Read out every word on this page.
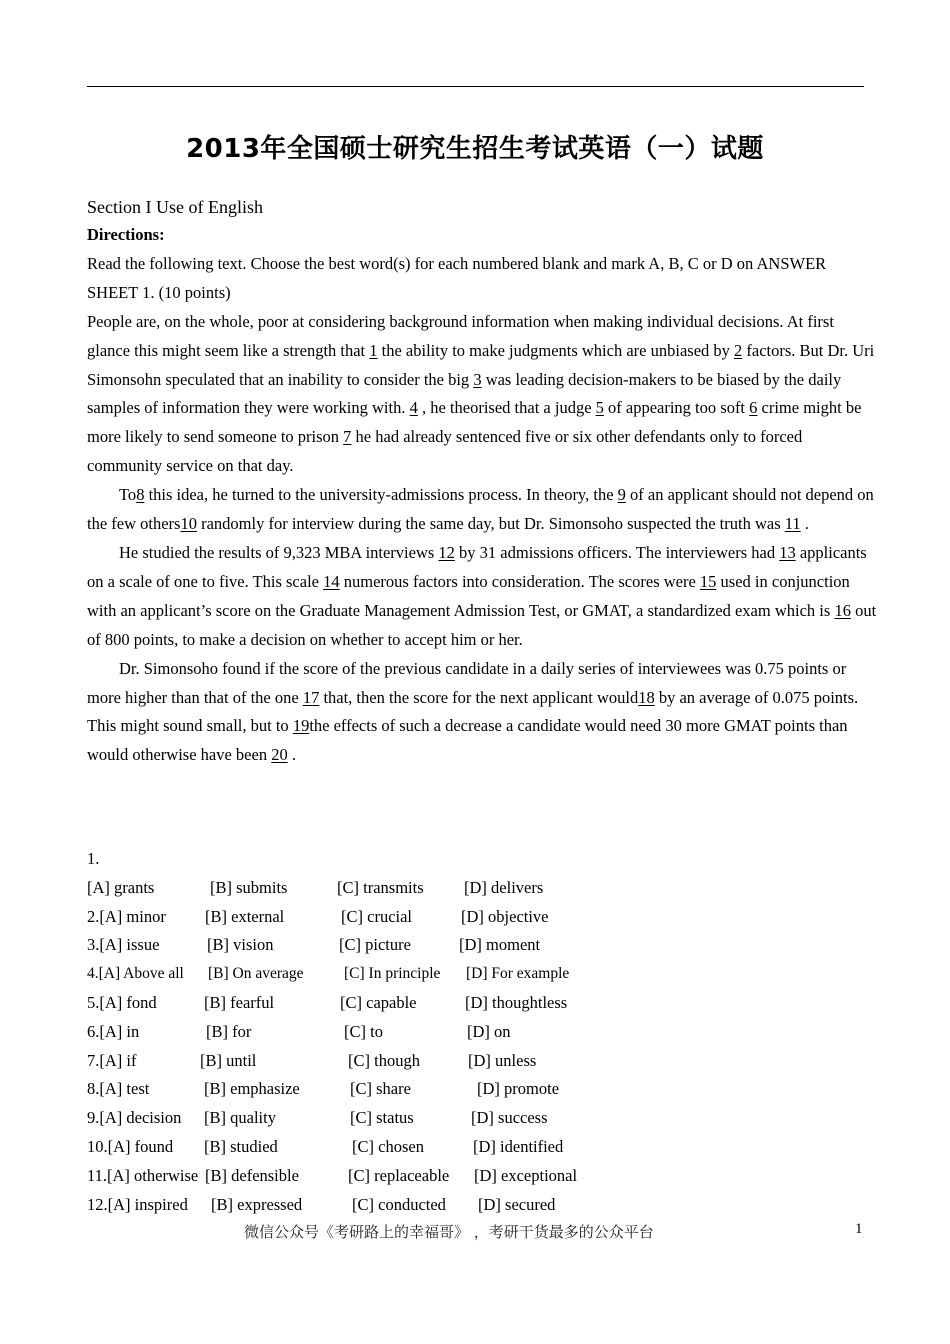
2013年全国硕士研究生招生考试英语（一）试题
Section I Use of English
Directions:
Read the following text. Choose the best word(s) for each numbered blank and mark A, B, C or D on ANSWER SHEET 1. (10 points)
People are, on the whole, poor at considering background information when making individual decisions. At first glance this might seem like a strength that 1 the ability to make judgments which are unbiased by 2 factors. But Dr. Uri Simonsohn speculated that an inability to consider the big 3 was leading decision-makers to be biased by the daily samples of information they were working with. 4 , he theorised that a judge 5 of appearing too soft 6 crime might be more likely to send someone to prison 7 he had already sentenced five or six other defendants only to forced community service on that day.
To8 this idea, he turned to the university-admissions process. In theory, the 9 of an applicant should not depend on the few others10 randomly for interview during the same day, but Dr. Simonsoho suspected the truth was 11 .
He studied the results of 9,323 MBA interviews 12 by 31 admissions officers. The interviewers had 13 applicants on a scale of one to five. This scale 14 numerous factors into consideration. The scores were 15 used in conjunction with an applicant’s score on the Graduate Management Admission Test, or GMAT, a standardized exam which is 16 out of 800 points, to make a decision on whether to accept him or her.
Dr. Simonsoho found if the score of the previous candidate in a daily series of interviewees was 0.75 points or more higher than that of the one 17 that, then the score for the next applicant would18 by an average of 0.075 points. This might sound small, but to 19the effects of such a decrease a candidate would need 30 more GMAT points than would otherwise have been 20 .
1.
[A] grants	[B] submits	[C] transmits [D] delivers
2.[A] minor [B] external	[C] crucial	[D] objective
3.[A] issue	[B] vision	[C] picture	[D] moment
4.[A] Above all [B] On average	[C] In principle [D] For example
5.[A] fond	[B] fearful	[C] capable	[D] thoughtless
6.[A] in	[B] for	[C] to	[D] on
7.[A] if	[B] until	[C] though	[D] unless
8.[A] test	[B] emphasize	[C] share	[D] promote
9.[A] decision [B] quality	[C] status	[D] success
10.[A] found [B] studied	[C] chosen	[D] identified
11.[A] otherwise [B] defensible	[C] replaceable [D] exceptional
12.[A] inspired [B] expressed	[C] conducted [D] secured
微信公众号《考研路上的幸福哥》 ，考研干货最多的公众平台	1
